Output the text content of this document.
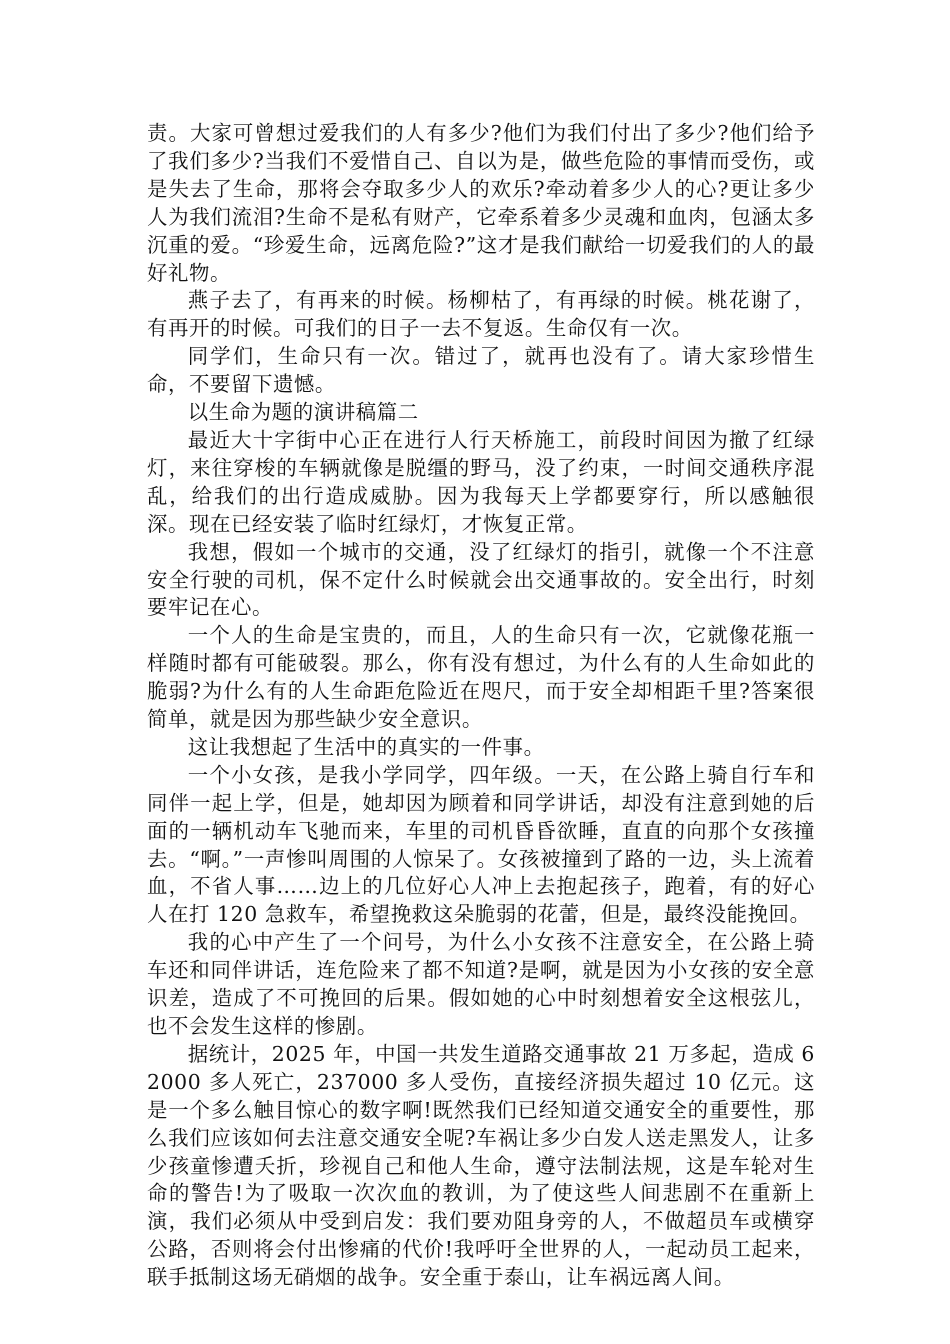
责。大家可曾想过爱我们的人有多少?他们为我们付出了多少?他们给予了我们多少?当我们不爱惜自己、自以为是，做些危险的事情而受伤，或是失去了生命，那将会夺取多少人的欢乐?牵动着多少人的心?更让多少人为我们流泪?生命不是私有财产，它牵系着多少灵魂和血肉，包涵太多沉重的爱。“珍爱生命，远离危险?”这才是我们献给一切爱我们的人的最好礼物。

燕子去了，有再来的时候。杨柳枯了，有再绿的时候。桃花谢了，有再开的时候。可我们的日子一去不复返。生命仅有一次。

同学们，生命只有一次。错过了，就再也没有了。请大家珍惜生命，不要留下遗憾。

以生命为题的演讲稿篇二

最近大十字街中心正在进行人行天桥施工，前段时间因为撤了红绿灯，来往穿梭的车辆就像是脱缰的野马，没了约束，一时间交通秩序混乱，给我们的出行造成威胁。因为我每天上学都要穿行，所以感触很深。现在已经安装了临时红绿灯，才恢复正常。

我想，假如一个城市的交通，没了红绿灯的指引，就像一个不注意安全行驶的司机，保不定什么时候就会出交通事故的。安全出行，时刻要牢记在心。

一个人的生命是宝贵的，而且，人的生命只有一次，它就像花瓶一样随时都有可能破裂。那么，你有没有想过，为什么有的人生命如此的脆弱?为什么有的人生命距危险近在咫尺，而于安全却相距千里?答案很简单，就是因为那些缺少安全意识。

这让我想起了生活中的真实的一件事。

一个小女孩，是我小学同学，四年级。一天，在公路上骑自行车和同伴一起上学，但是，她却因为顾着和同学讲话，却没有注意到她的后面的一辆机动车飞驰而来，车里的司机昏昏欲睡，直直的向那个女孩撞去。“啊。”一声惨叫周围的人惊呆了。女孩被撞到了路的一边，头上流着血，不省人事……边上的几位好心人冲上去抱起孩子，跑着，有的好心人在打 120 急救车，希望挽救这朵脆弱的花蕾，但是，最终没能挽回。

我的心中产生了一个问号，为什么小女孩不注意安全，在公路上骑车还和同伴讲话，连危险来了都不知道?是啊，就是因为小女孩的安全意识差，造成了不可挽回的后果。假如她的心中时刻想着安全这根弦儿，也不会发生这样的惨剧。

据统计，2025 年，中国一共发生道路交通事故 21 万多起，造成 62000 多人死亡，237000 多人受伤，直接经济损失超过 10 亿元。这是一个多么触目惊心的数字啊!既然我们已经知道交通安全的重要性，那么我们应该如何去注意交通安全呢?车祸让多少白发人送走黑发人，让多少孩童惨遭夭折，珍视自己和他人生命，遵守法制法规，这是车轮对生命的警告!为了吸取一次次血的教训，为了使这些人间悲剧不在重新上演，我们必须从中受到启发：我们要劝阻身旁的人，不做超员车或横穿公路，否则将会付出惨痛的代价!我呼吁全世界的人，一起动员工起来，联手抵制这场无硝烟的战争。安全重于泰山，让车祸远离人间。
